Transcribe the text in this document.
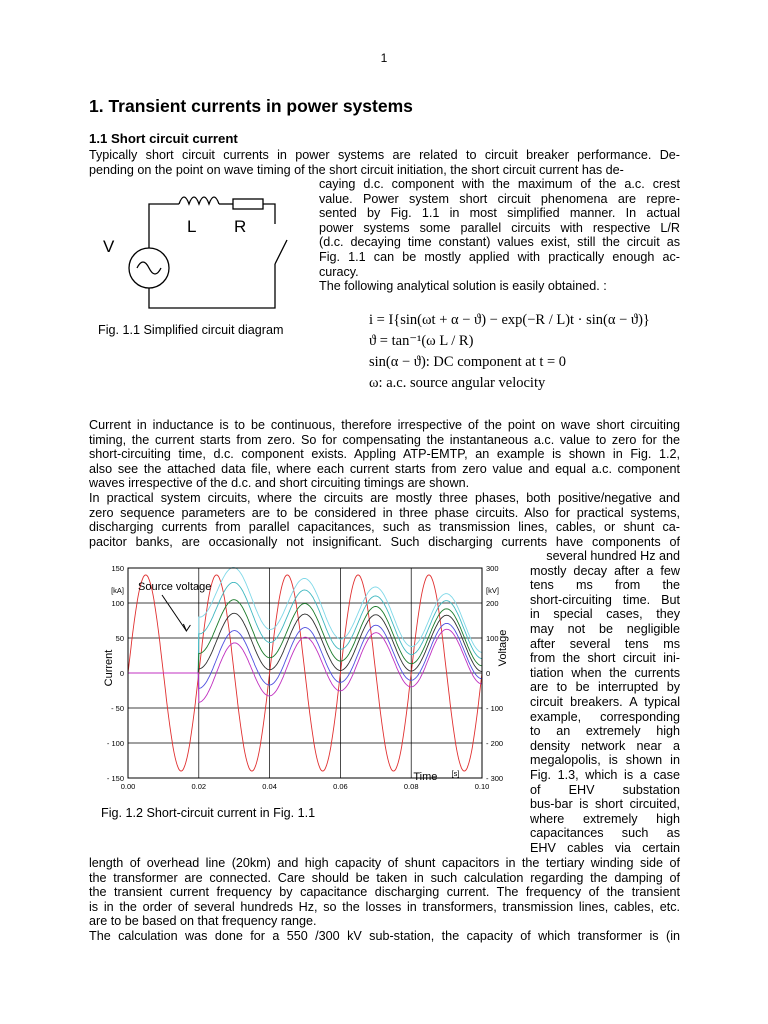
1
1. Transient currents in power systems
1.1 Short circuit current
Typically short circuit currents in power systems are related to circuit breaker performance. De-
pending on the point on wave timing of the short circuit initiation, the short circuit current has de-
caying d.c. component with the maximum of the a.c. crest
value. Power system short circuit phenomena are repre-
sented by Fig. 1.1 in most simplified manner. In actual
power systems some parallel circuits with respective L/R
(d.c. decaying time constant) values exist, still the circuit as
Fig. 1.1 can be mostly applied with practically enough ac-
curacy.
The following analytical solution is easily obtained. :
V
L R
Fig. 1.1 Simplified circuit diagram
i = I{sin(ωt + α − ϑ) − exp(−R / L)t · sin(α − ϑ)}
ϑ = tan⁻¹(ω L / R)
sin(α − ϑ): DC component at t = 0
ω: a.c. source angular velocity
Current in inductance is to be continuous, therefore irrespective of the point on wave short circuiting
timing, the current starts from zero. So for compensating the instantaneous a.c. value to zero for the
short-circuiting time, d.c. component exists. Appling ATP-EMTP, an example is shown in Fig. 1.2,
also see the attached data file, where each current starts from zero value and equal a.c. component
waves irrespective of the d.c. and short circuiting timings are shown.
In practical system circuits, where the circuits are mostly three phases, both positive/negative and
zero sequence parameters are to be considered in three phase circuits. Also for practical systems,
discharging currents from parallel capacitances, such as transmission lines, cables, or shunt ca-
pacitor banks, are occasionally not insignificant. Such discharging currents have components of
several hundred Hz and
mostly decay after a few
tens ms from the
short-circuiting time. But
in special cases, they
may not be negligible
after several tens ms
from the short circuit ini-
tiation when the currents
are to be interrupted by
circuit breakers. A typical
example, corresponding
to an extremely high
density network near a
megalopolis, is shown in
Fig. 1.3, which is a case
of EHV substation
bus-bar is short circuited,
where extremely high
capacitances such as
EHV cables via certain
0.00	0.02	0.04	0.06	0.08	0.10
150
100
50
0
- 50
- 100
- 150
300
200
100
0
- 100
- 200
- 300
[kA]	[kV]
Current
Voltage
Time [s]
Source voltage
Fig. 1.2 Short-circuit current in Fig. 1.1
length of overhead line (20km) and high capacity of shunt capacitors in the tertiary winding side of
the transformer are connected. Care should be taken in such calculation regarding the damping of
the transient current frequency by capacitance discharging current. The frequency of the transient
is in the order of several hundreds Hz, so the losses in transformers, transmission lines, cables, etc.
are to be based on that frequency range.
The calculation was done for a 550 /300 kV sub-station, the capacity of which transformer is (in
